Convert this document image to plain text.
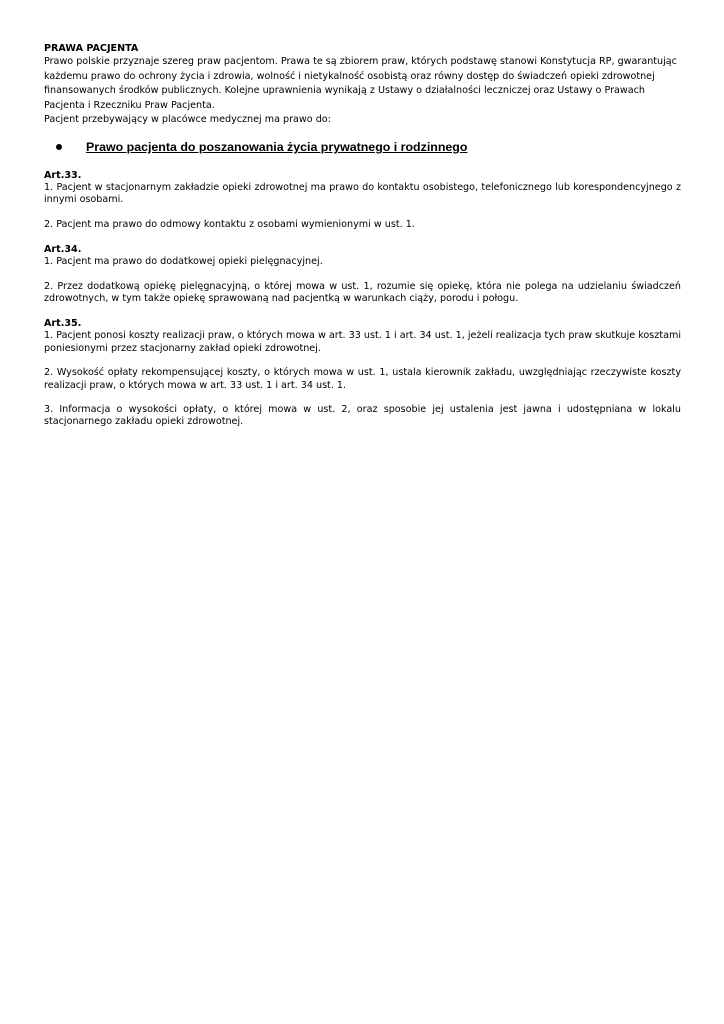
PRAWA PACJENTA

Prawo polskie przyznaje szereg praw pacjentom. Prawa te są zbiorem praw, których podstawę stanowi Konstytucja RP, gwarantując każdemu prawo do ochrony życia i zdrowia, wolność i nietykalność osobistą oraz równy dostęp do świadczeń opieki zdrowotnej finansowanych środków publicznych. Kolejne uprawnienia wynikają z Ustawy o działalności leczniczej oraz Ustawy o Prawach Pacjenta i Rzeczniku Praw Pacjenta.

Pacjent przebywający w placówce medycznej ma prawo do:

Prawo pacjenta do poszanowania życia prywatnego i rodzinnego

Art.33.

1. Pacjent w stacjonarnym zakładzie opieki zdrowotnej ma prawo do kontaktu osobistego, telefonicznego lub korespondencyjnego z innymi osobami.

2. Pacjent ma prawo do odmowy kontaktu z osobami wymienionymi w ust. 1.

Art.34.

1. Pacjent ma prawo do dodatkowej opieki pielęgnacyjnej.

2. Przez dodatkową opiekę pielęgnacyjną, o której mowa w ust. 1, rozumie się opiekę, która nie polega na udzielaniu świadczeń zdrowotnych, w tym także opiekę sprawowaną nad pacjentką w warunkach ciąży, porodu i połogu.

Art.35.

1. Pacjent ponosi koszty realizacji praw, o których mowa w art. 33 ust. 1 i art. 34 ust. 1, jeżeli realizacja tych praw skutkuje kosztami poniesionymi przez stacjonarny zakład opieki zdrowotnej.

2. Wysokość opłaty rekompensującej koszty, o których mowa w ust. 1, ustala kierownik zakładu, uwzględniając rzeczywiste koszty realizacji praw, o których mowa w art. 33 ust. 1 i art. 34 ust. 1.

3. Informacja o wysokości opłaty, o której mowa w ust. 2, oraz sposobie jej ustalenia jest jawna i udostępniana w lokalu stacjonarnego zakładu opieki zdrowotnej.
